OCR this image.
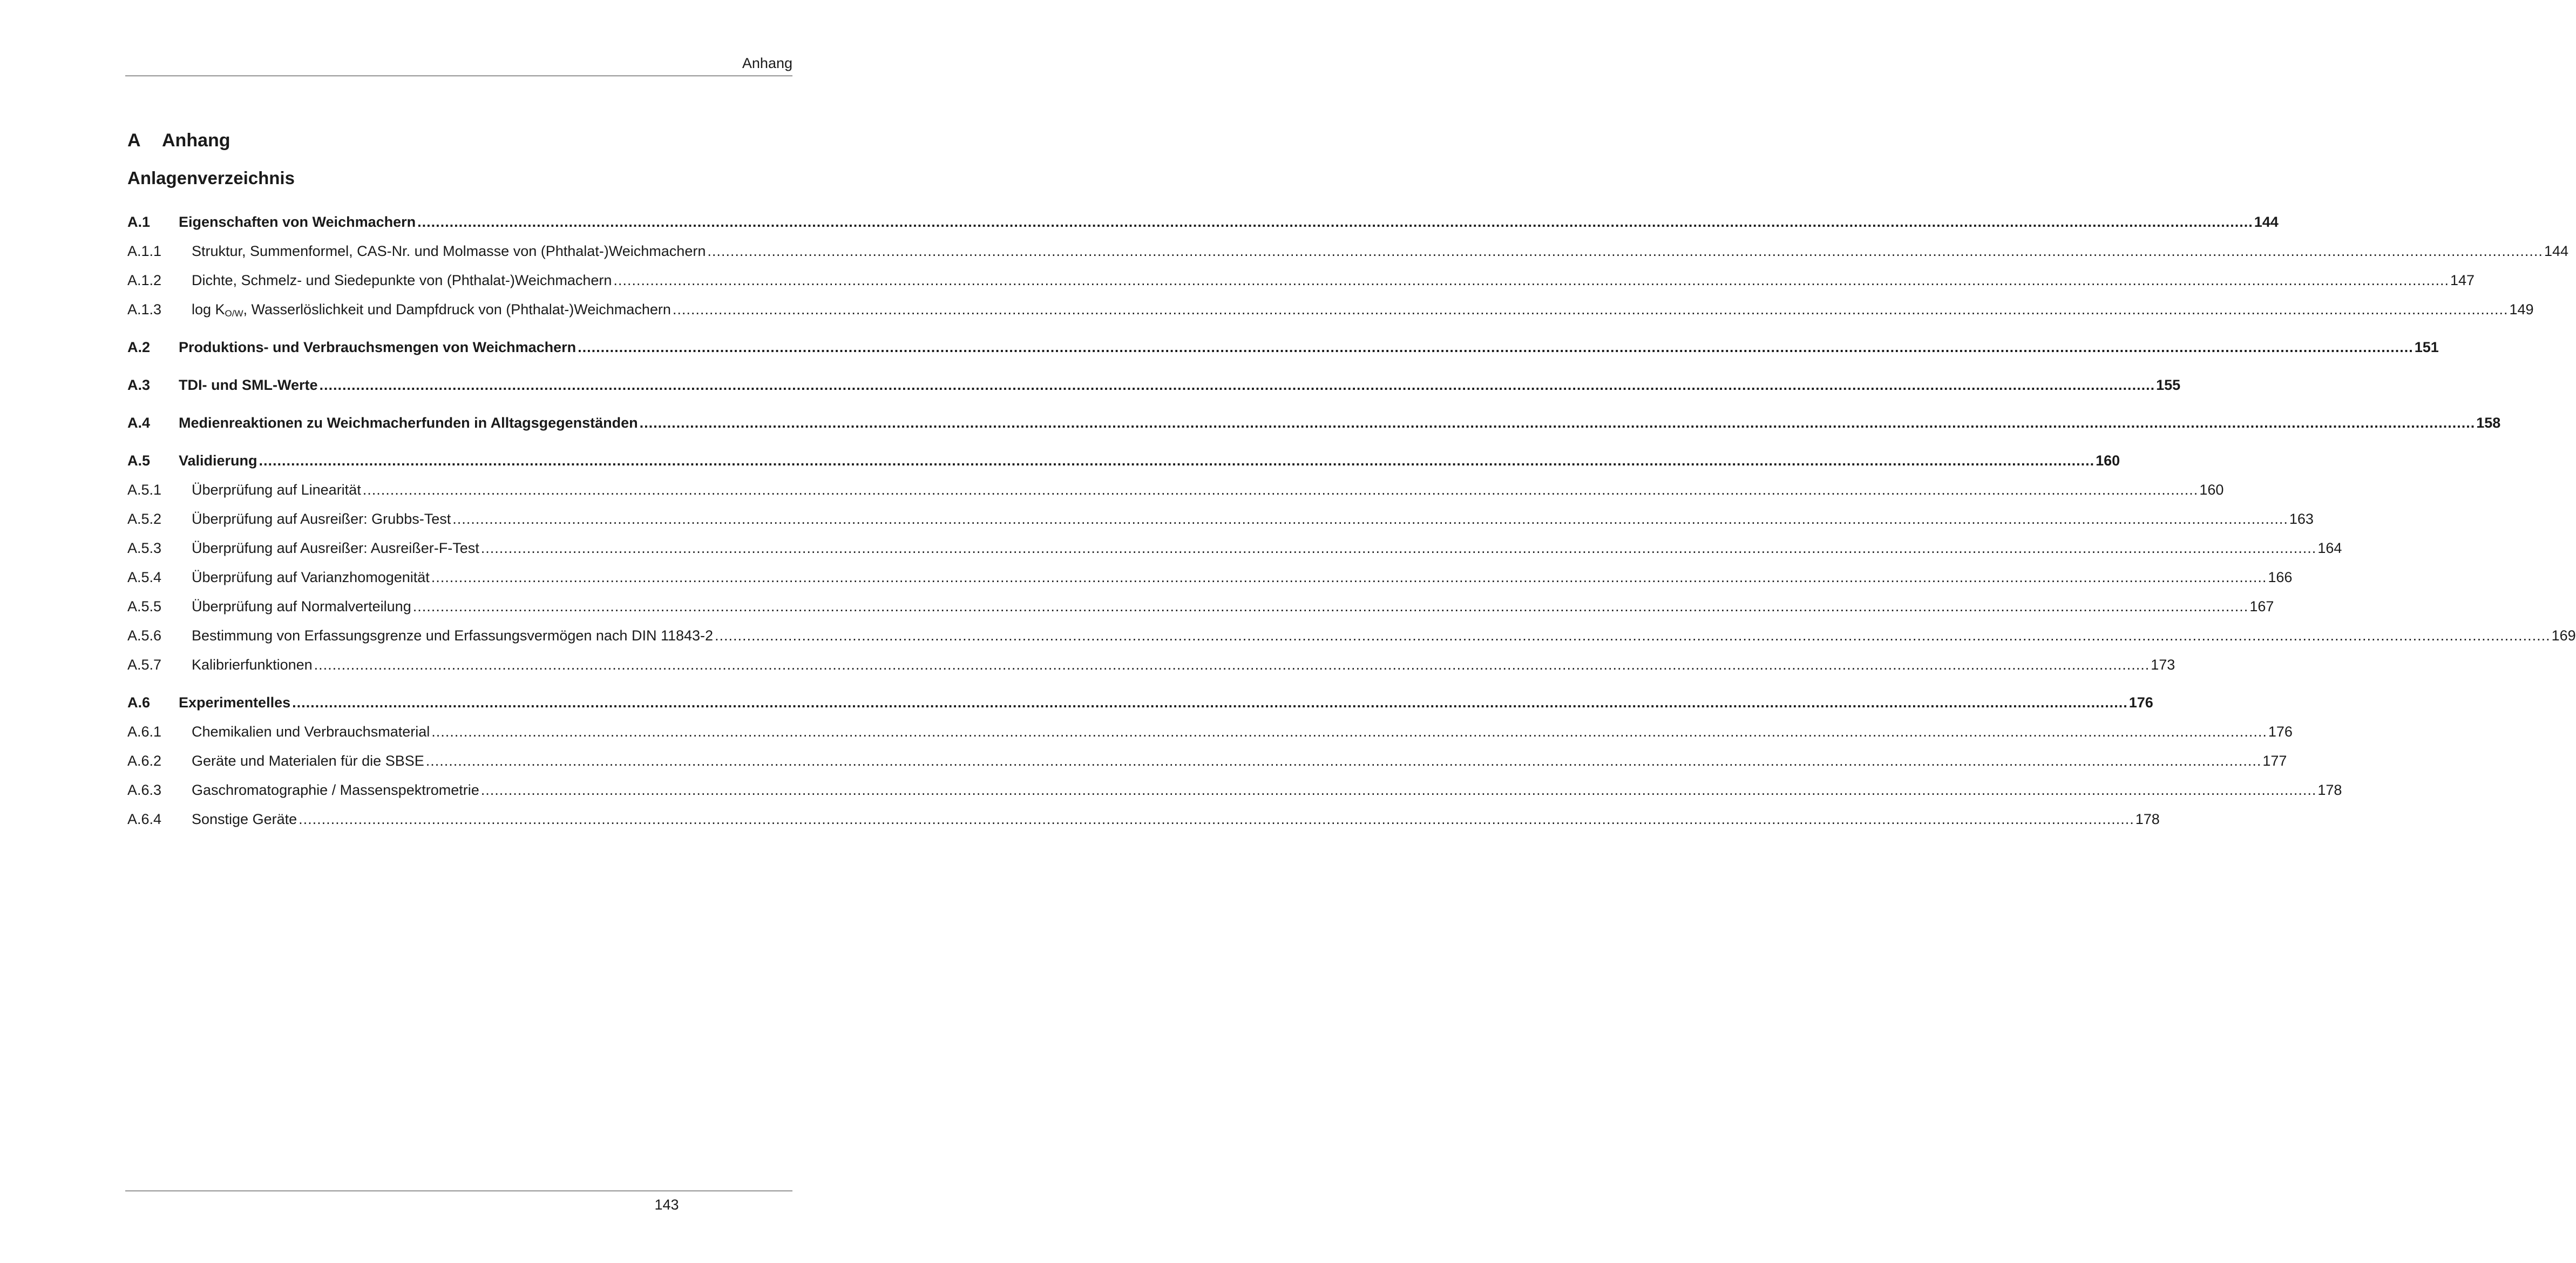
Anhang
A Anhang
Anlagenverzeichnis
A.1	Eigenschaften von Weichmachern ................................................................................................................................................................................................................................................................................................................................................................................................................ 144
A.1.1	Struktur, Summenformel, CAS-Nr. und Molmasse von (Phthalat-)Weichmachern ................................................................................................................................................................................................................................................................................................................................................................................................................ 144
A.1.2	Dichte, Schmelz- und Siedepunkte von (Phthalat-)Weichmachern ................................................................................................................................................................................................................................................................................................................................................................................................................ 147
A.1.3	$\log K_{O/W}$, Wasserlöslichkeit und Dampfdruck von (Phthalat-)Weichmachern ................................................................................................................................................................................................................................................................................................................................................................................................................ 149
A.2	Produktions- und Verbrauchsmengen von Weichmachern ................................................................................................................................................................................................................................................................................................................................................................................................................ 151
A.3	TDI- und SML-Werte ................................................................................................................................................................................................................................................................................................................................................................................................................ 155
A.4	Medienreaktionen zu Weichmacherfunden in Alltagsgegenständen ................................................................................................................................................................................................................................................................................................................................................................................................................ 158
A.5	Validierung ................................................................................................................................................................................................................................................................................................................................................................................................................ 160
A.5.1	Überprüfung auf Linearität ................................................................................................................................................................................................................................................................................................................................................................................................................ 160
A.5.2	Überprüfung auf Ausreißer: Grubbs-Test ................................................................................................................................................................................................................................................................................................................................................................................................................ 163
A.5.3	Überprüfung auf Ausreißer: Ausreißer-F-Test ................................................................................................................................................................................................................................................................................................................................................................................................................ 164
A.5.4	Überprüfung auf Varianzhomogenität ................................................................................................................................................................................................................................................................................................................................................................................................................ 166
A.5.5	Überprüfung auf Normalverteilung ................................................................................................................................................................................................................................................................................................................................................................................................................ 167
A.5.6	Bestimmung von Erfassungsgrenze und Erfassungsvermögen nach DIN 11843-2 ................................................................................................................................................................................................................................................................................................................................................................................................................ 169
A.5.7	Kalibrierfunktionen ................................................................................................................................................................................................................................................................................................................................................................................................................ 173
A.6	Experimentelles ................................................................................................................................................................................................................................................................................................................................................................................................................ 176
A.6.1	Chemikalien und Verbrauchsmaterial ................................................................................................................................................................................................................................................................................................................................................................................................................ 176
A.6.2	Geräte und Materialen für die SBSE ................................................................................................................................................................................................................................................................................................................................................................................................................ 177
A.6.3	Gaschromatographie / Massenspektrometrie ................................................................................................................................................................................................................................................................................................................................................................................................................ 178
A.6.4	Sonstige Geräte ................................................................................................................................................................................................................................................................................................................................................................................................................ 178
143
